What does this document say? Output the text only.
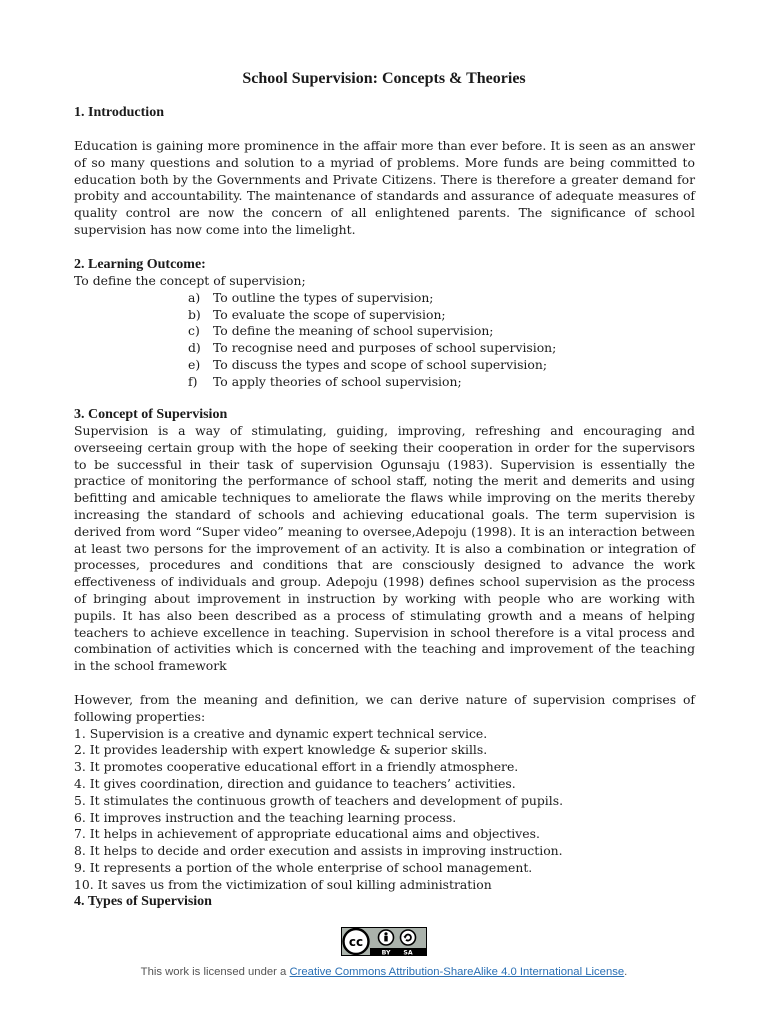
School Supervision: Concepts & Theories
1. Introduction

Education is gaining more prominence in the affair more than ever before. It is seen as an answer of so many questions and solution to a myriad of problems. More funds are being committed to education both by the Governments and Private Citizens. There is therefore a greater demand for probity and accountability. The maintenance of standards and assurance of adequate measures of quality control are now the concern of all enlightened parents. The significance of school supervision has now come into the limelight.

2. Learning Outcome:
To define the concept of supervision;
a)	To outline the types of supervision;
b) To evaluate the scope of supervision;
c)	To define the meaning of school supervision;
d) To recognise need and purposes of school supervision;
e)	To discuss the types and scope of school supervision;
f)	To apply theories of school supervision;
3. Concept of Supervision

Supervision is a way of stimulating, guiding, improving, refreshing and encouraging and overseeing certain group with the hope of seeking their cooperation in order for the supervisors to be successful in their task of supervision Ogunsaju (1983). Supervision is essentially the practice of monitoring the performance of school staff, noting the merit and demerits and using befitting and amicable techniques to ameliorate the flaws while improving on the merits thereby increasing the standard of schools and achieving educational goals. The term supervision is derived from word “Super video” meaning to oversee,Adepoju (1998). It is an interaction between at least two persons for the improvement of an activity. It is also a combination or integration of processes, procedures and conditions that are consciously designed to advance the work effectiveness of individuals and group. Adepoju (1998) defines school supervision as the process of bringing about improvement in instruction by working with people who are working with pupils. It has also been described as a process of stimulating growth and a means of helping teachers to achieve excellence in teaching. Supervision in school therefore is a vital process and combination of activities which is concerned with the teaching and improvement of the teaching in the school framework

However, from the meaning and definition, we can derive nature of supervision comprises of following properties:

1. Supervision is a creative and dynamic expert technical service.
2. It provides leadership with expert knowledge & superior skills.
3. It promotes cooperative educational effort in a friendly atmosphere.
4. It gives coordination, direction and guidance to teachers’ activities.
5. It stimulates the continuous growth of teachers and development of pupils.
6. It improves instruction and the teaching learning process.
7. It helps in achievement of appropriate educational aims and objectives.
8. It helps to decide and order execution and assists in improving instruction.
9. It represents a portion of the whole enterprise of school management.
10. It saves us from the victimization of soul killing administration
4. Types of Supervision
cc
BY SA
This work is licensed under a Creative Commons Attribution-ShareAlike 4.0 International License.
